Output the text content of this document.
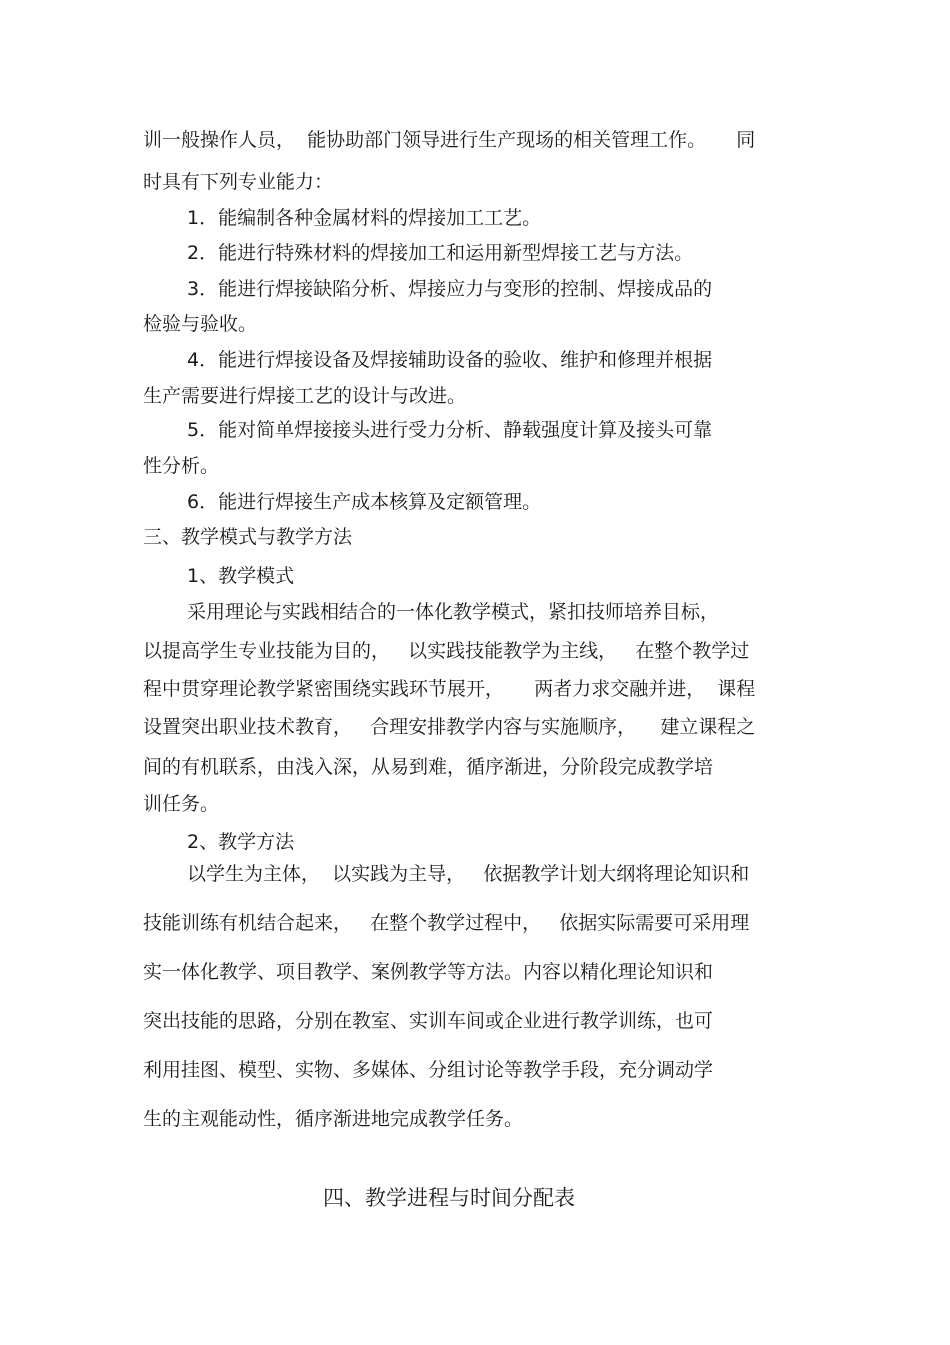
训一般操作人员，  能协助部门领导进行生产现场的相关管理工作。     同
时具有下列专业能力：
1．能编制各种金属材料的焊接加工工艺。
2．能进行特殊材料的焊接加工和运用新型焊接工艺与方法。
3．能进行焊接缺陷分析、焊接应力与变形的控制、焊接成品的
检验与验收。
4．能进行焊接设备及焊接辅助设备的验收、维护和修理并根据
生产需要进行焊接工艺的设计与改进。
5．能对简单焊接接头进行受力分析、静载强度计算及接头可靠
性分析。
6．能进行焊接生产成本核算及定额管理。
三、教学模式与教学方法
1、教学模式
采用理论与实践相结合的一体化教学模式，紧扣技师培养目标，
以提高学生专业技能为目的，   以实践技能教学为主线，   在整个教学过
程中贯穿理论教学紧密围绕实践环节展开，     两者力求交融并进，  课程
设置突出职业技术教育，   合理安排教学内容与实施顺序，    建立课程之
间的有机联系，由浅入深，从易到难，循序渐进，分阶段完成教学培
训任务。
2、教学方法
以学生为主体，  以实践为主导，   依据教学计划大纲将理论知识和
技能训练有机结合起来，   在整个教学过程中，   依据实际需要可采用理
实一体化教学、项目教学、案例教学等方法。内容以精化理论知识和
突出技能的思路，分别在教室、实训车间或企业进行教学训练，也可
利用挂图、模型、实物、多媒体、分组讨论等教学手段，充分调动学
生的主观能动性，循序渐进地完成教学任务。
四、教学进程与时间分配表
